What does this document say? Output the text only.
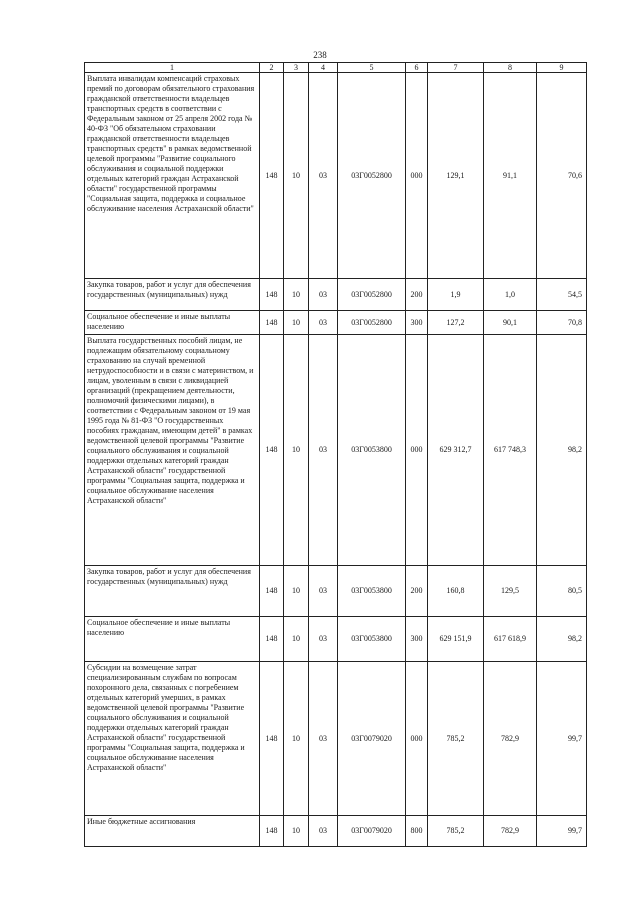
238
1	2	3	4	5	6	7	8	9

Выплата инвалидам компенсаций страховых премий по договорам обязательного страхования гражданской ответственности владельцев транспортных средств в соответствии с Федеральным законом от 25 апреля 2002 года № 40-ФЗ "Об обязательном страховании гражданской ответственности владельцев транспортных средств" в рамках ведомственной целевой программы "Развитие социального обслуживания и социальной поддержки отдельных категорий граждан Астраханской области" государственной программы "Социальная защита, поддержка и социальное обслуживание населения Астраханской области"	148	10	03	03Г0052800	000	129,1	91,1	70,6

Закупка товаров, работ и услуг для обеспечения государственных (муниципальных) нужд	148	10	03	03Г0052800	200	1,9	1,0	54,5

Социальное обеспечение и иные выплаты населению	148	10	03	03Г0052800	300	127,2	90,1	70,8

Выплата государственных пособий лицам, не подлежащим обязательному социальному страхованию на случай временной нетрудоспособности и в связи с материнством, и лицам, уволенным в связи с ликвидацией организаций (прекращением деятельности, полномочий физическими лицами), в соответствии с Федеральным законом от 19 мая 1995 года № 81-ФЗ "О государственных пособиях гражданам, имеющим детей" в рамках ведомственной целевой программы "Развитие социального обслуживания и социальной поддержки отдельных категорий граждан Астраханской области" государственной программы "Социальная защита, поддержка и социальное обслуживание населения Астраханской области"	148	10	03	03Г0053800	000	629 312,7	617 748,3	98,2

Закупка товаров, работ и услуг для обеспечения государственных (муниципальных) нужд	148	10	03	03Г0053800	200	160,8	129,5	80,5

Социальное обеспечение и иные выплаты населению	148	10	03	03Г0053800	300	629 151,9	617 618,9	98,2

Субсидии на возмещение затрат специализированным службам по вопросам похоронного дела, связанных с погребением отдельных категорий умерших, в рамках ведомственной целевой программы "Развитие социального обслуживания и социальной поддержки отдельных категорий граждан Астраханской области" государственной программы "Социальная защита, поддержка и социальное обслуживание населения Астраханской области"	148	10	03	03Г0079020	000	785,2	782,9	99,7

Иные бюджетные ассигнования	148	10	03	03Г0079020	800	785,2	782,9	99,7
